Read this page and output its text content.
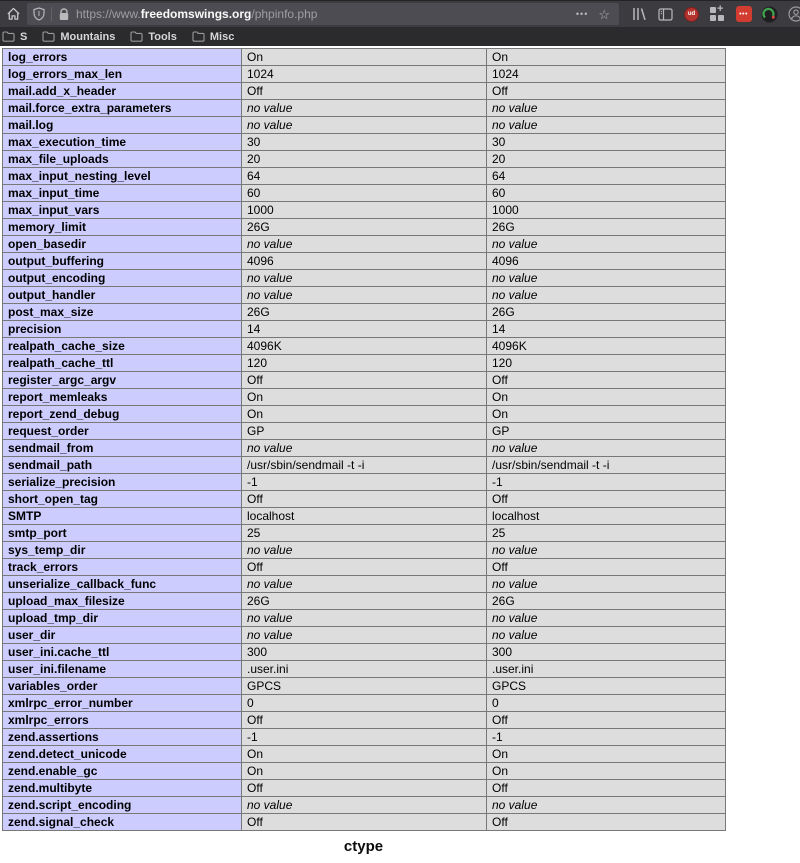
https://www.freedomswings.org/phpinfo.php	••• ☆	ud	+	•••
S	Mountains	Tools	Misc
log_errors	On	On
log_errors_max_len	1024	1024
mail.add_x_header	Off	Off
mail.force_extra_parameters	no value	no value
mail.log	no value	no value
max_execution_time	30	30
max_file_uploads	20	20
max_input_nesting_level	64	64
max_input_time	60	60
max_input_vars	1000	1000
memory_limit	26G	26G
open_basedir	no value	no value
output_buffering	4096	4096
output_encoding	no value	no value
output_handler	no value	no value
post_max_size	26G	26G
precision	14	14
realpath_cache_size	4096K	4096K
realpath_cache_ttl	120	120
register_argc_argv	Off	Off
report_memleaks	On	On
report_zend_debug	On	On
request_order	GP	GP
sendmail_from	no value	no value
sendmail_path	/usr/sbin/sendmail -t -i	/usr/sbin/sendmail -t -i
serialize_precision	-1	-1
short_open_tag	Off	Off
SMTP	localhost	localhost
smtp_port	25	25
sys_temp_dir	no value	no value
track_errors	Off	Off
unserialize_callback_func	no value	no value
upload_max_filesize	26G	26G
upload_tmp_dir	no value	no value
user_dir	no value	no value
user_ini.cache_ttl	300	300
user_ini.filename	.user.ini	.user.ini
variables_order	GPCS	GPCS
xmlrpc_error_number	0	0
xmlrpc_errors	Off	Off
zend.assertions	-1	-1
zend.detect_unicode	On	On
zend.enable_gc	On	On
zend.multibyte	Off	Off
zend.script_encoding	no value	no value
zend.signal_check	Off	Off
ctype
